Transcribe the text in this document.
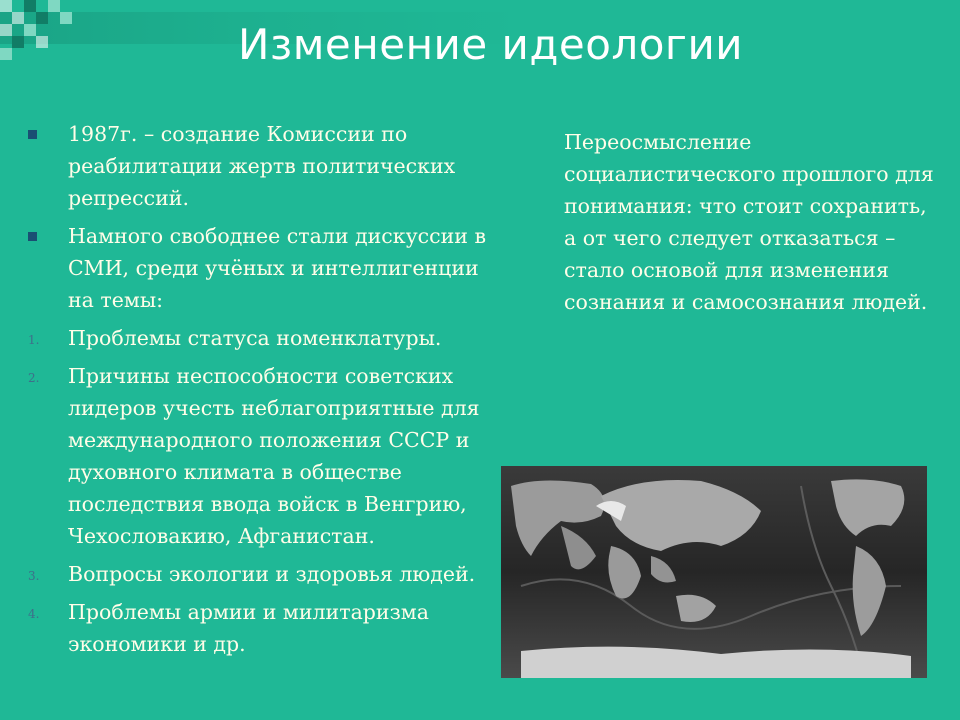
Изменение идеологии
1987г. – создание Комиссии по реабилитации жертв политических репрессий.
Намного свободнее стали дискуссии в СМИ, среди учёных и интеллигенции на темы:
1. Проблемы статуса номенклатуры.
2. Причины неспособности советских лидеров учесть неблагоприятные для международного положения СССР и духовного климата в обществе последствия ввода войск в Венгрию, Чехословакию, Афганистан.
3. Вопросы экологии и здоровья людей.
4. Проблемы армии и милитаризма экономики и др.
Переосмысление социалистического прошлого для понимания: что стоит сохранить, а от чего следует отказаться – стало основой для изменения сознания и самосознания людей.
